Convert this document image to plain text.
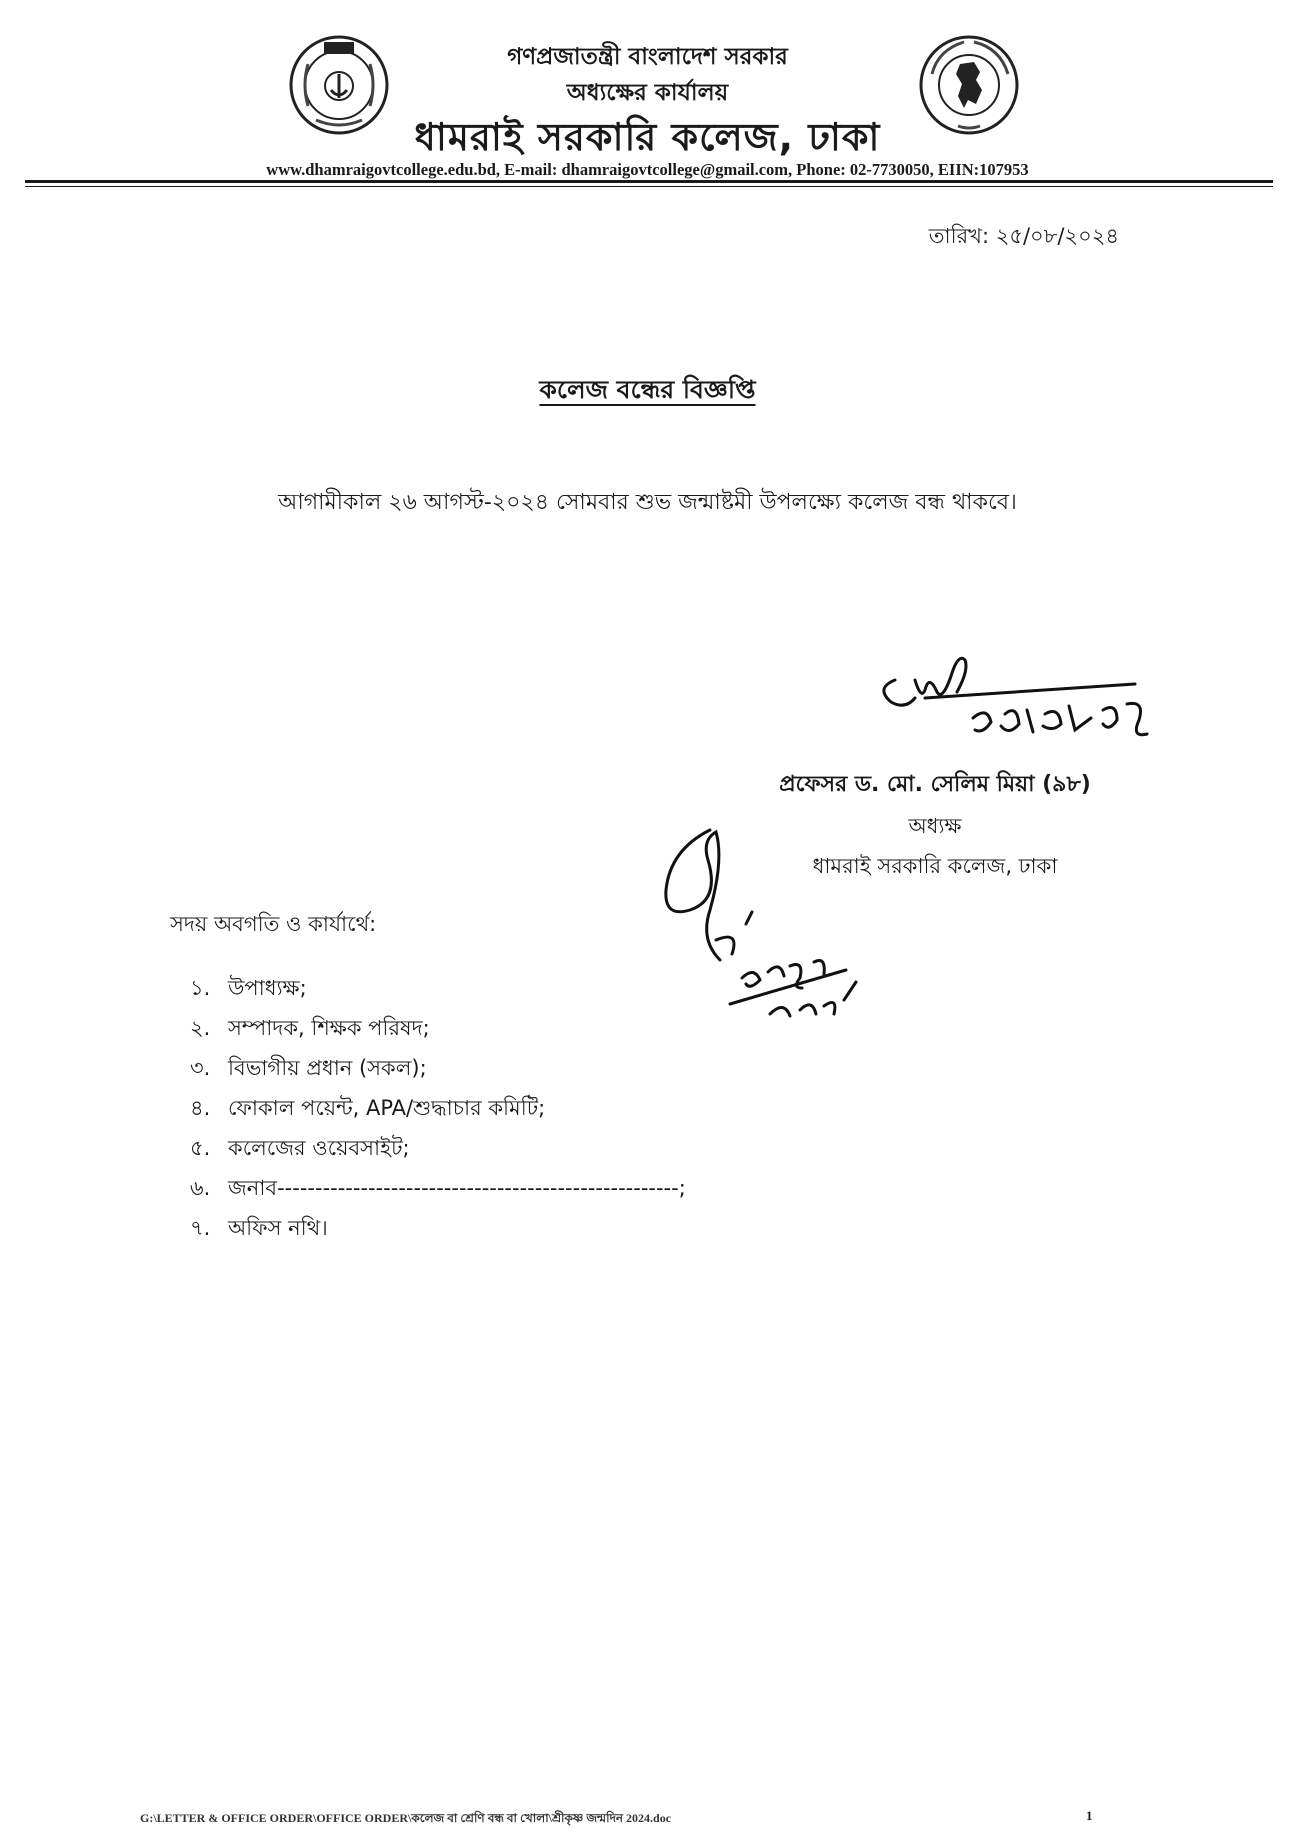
গণপ্রজাতন্ত্রী বাংলাদেশ সরকার
অধ্যক্ষের কার্যালয়
ধামরাই সরকারি কলেজ, ঢাকা
www.dhamraigovtcollege.edu.bd, E-mail: dhamraigovtcollege@gmail.com, Phone: 02-7730050, EIIN:107953
তারিখ: ২৫/০৮/২০২৪
কলেজ বন্ধের বিজ্ঞপ্তি
আগামীকাল ২৬ আগস্ট-২০২৪ সোমবার শুভ জন্মাষ্টমী উপলক্ষ্যে কলেজ বন্ধ থাকবে।
প্রফেসর ড. মো. সেলিম মিয়া (৯৮)
অধ্যক্ষ
ধামরাই সরকারি কলেজ, ঢাকা
সদয় অবগতি ও কার্যার্থে:
১. উপাধ্যক্ষ;
২. সম্পাদক, শিক্ষক পরিষদ;
৩. বিভাগীয় প্রধান (সকল);
৪. ফোকাল পয়েন্ট, APA/শুদ্ধাচার কমিটি;
৫. কলেজের ওয়েবসাইট;
৬. জনাব-----------------------------------------------------;
৭. অফিস নথি।
G:\LETTER & OFFICE ORDER\OFFICE ORDER\কলেজ বা শ্রেণি বন্ধ বা খোলা\শ্রীকৃষ্ণ জন্মদিন 2024.doc	1
